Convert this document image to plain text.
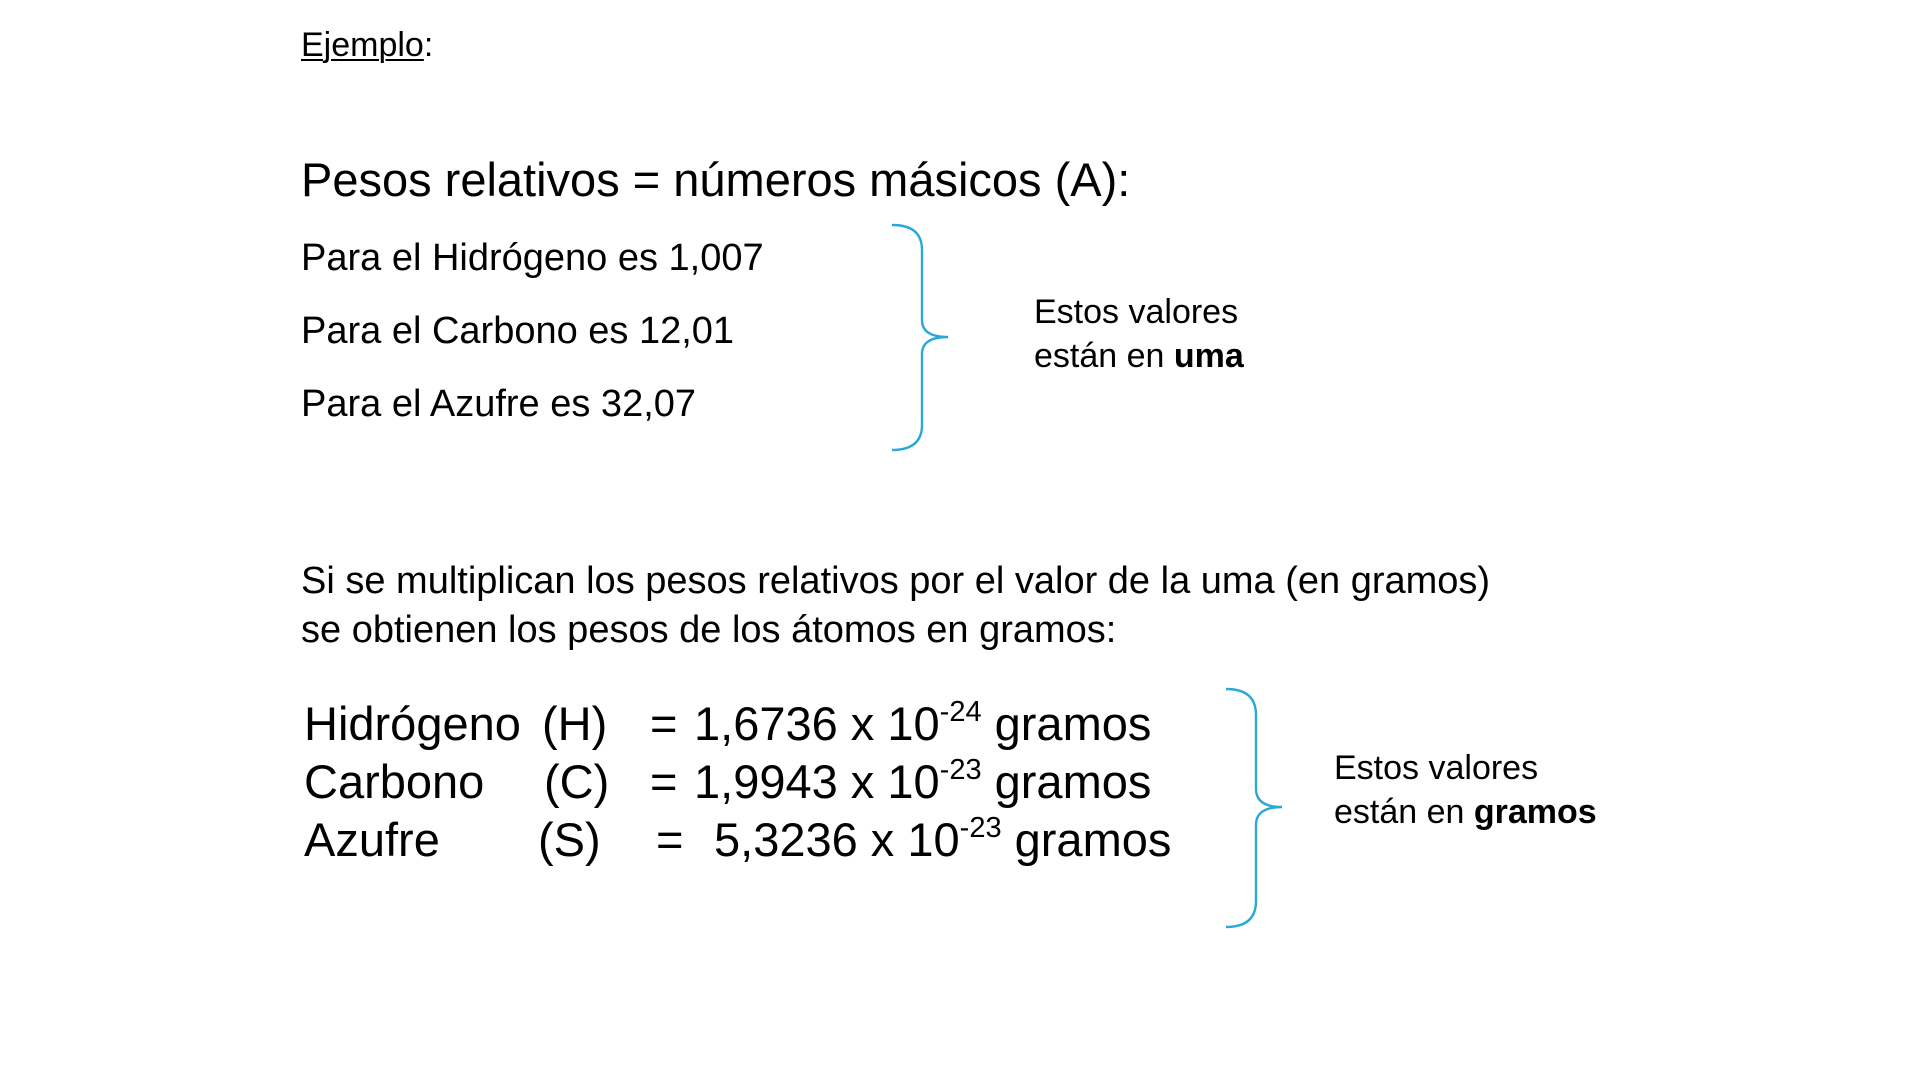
Ejemplo:
Pesos relativos = números másicos (A):
Para el Hidrógeno es 1,007
Para el Carbono es 12,01
Para el Azufre es 32,07
Estos valores
están en uma
Si se multiplican los pesos relativos por el valor de la uma (en gramos)
se obtienen los pesos de los átomos en gramos:
Hidrógeno (H) = 1,6736 x $10^{-24}$ gramos
Carbono (C) = 1,9943 x $10^{-23}$ gramos
Azufre (S) = 5,3236 x $10^{-23}$ gramos
Estos valores
están en gramos
